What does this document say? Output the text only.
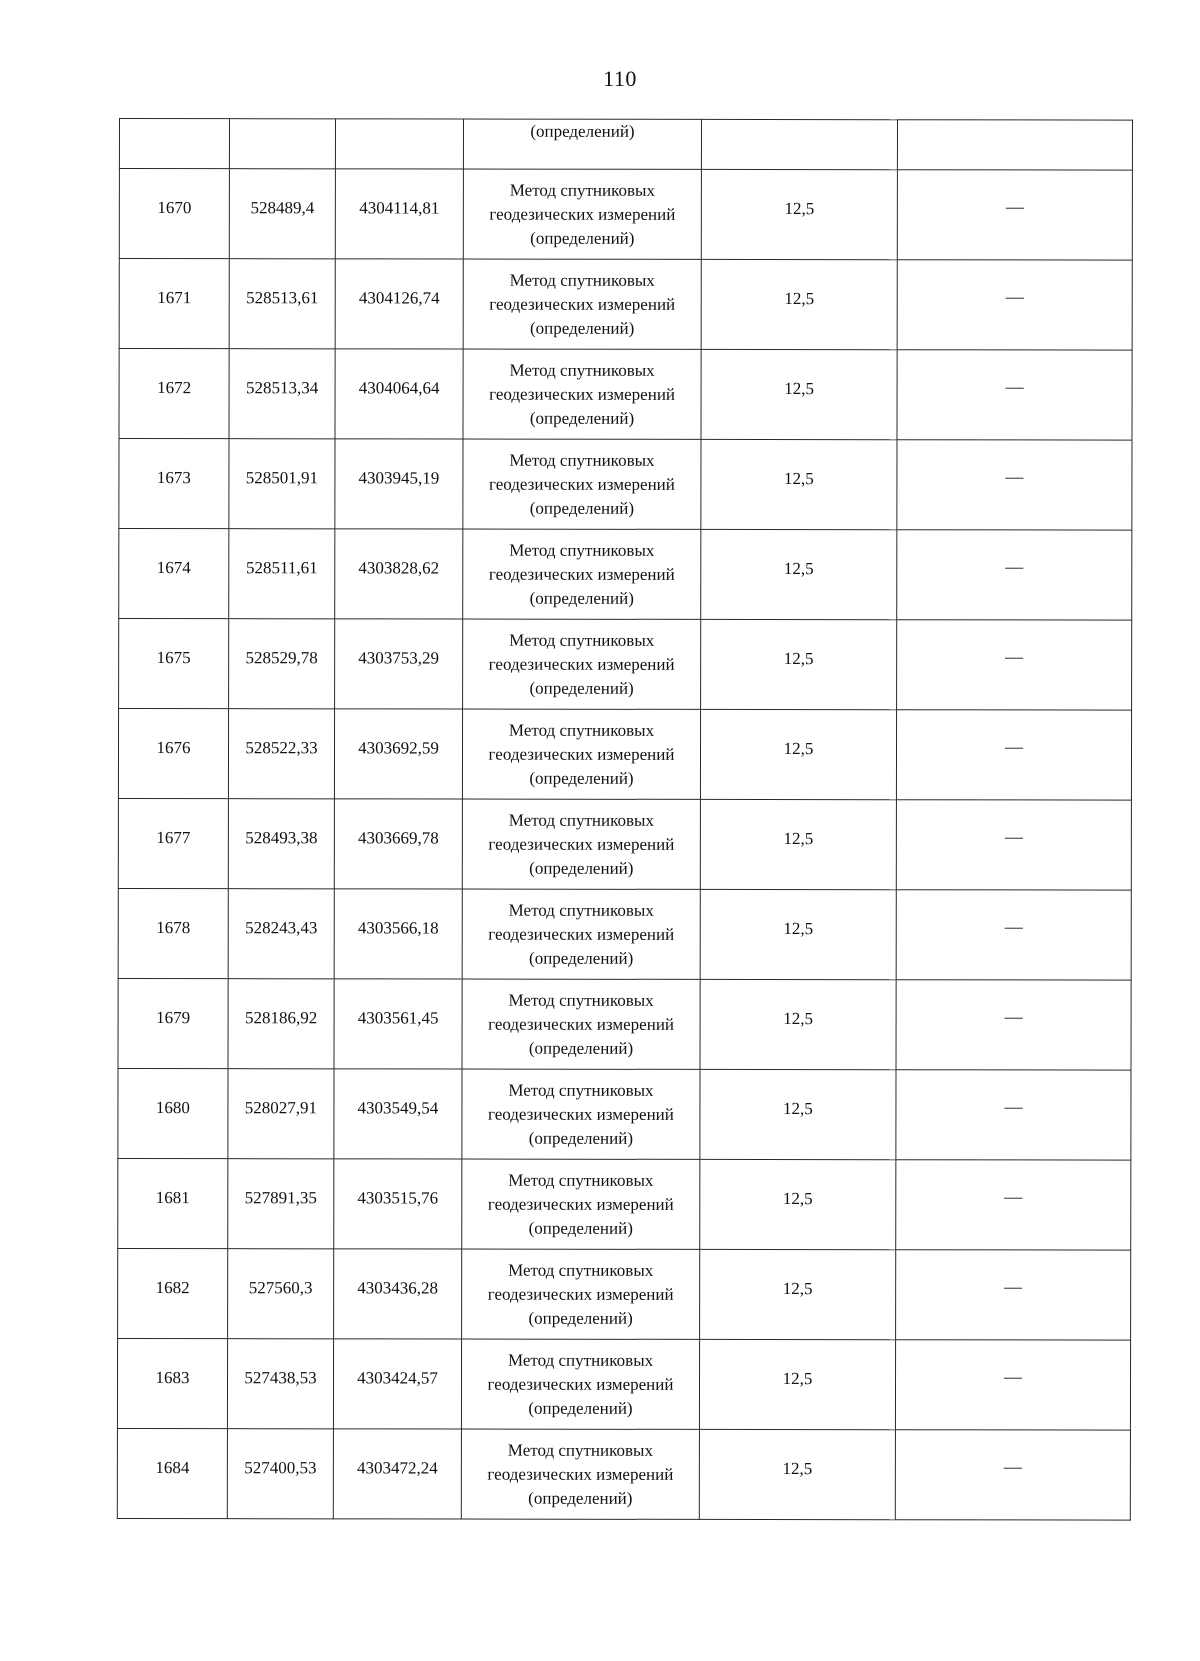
110
			(определений)		
1670	528489,4	4304114,81	Метод спутниковых геодезических измерений (определений)	12,5	—
1671	528513,61	4304126,74	Метод спутниковых геодезических измерений (определений)	12,5	—
1672	528513,34	4304064,64	Метод спутниковых геодезических измерений (определений)	12,5	—
1673	528501,91	4303945,19	Метод спутниковых геодезических измерений (определений)	12,5	—
1674	528511,61	4303828,62	Метод спутниковых геодезических измерений (определений)	12,5	—
1675	528529,78	4303753,29	Метод спутниковых геодезических измерений (определений)	12,5	—
1676	528522,33	4303692,59	Метод спутниковых геодезических измерений (определений)	12,5	—
1677	528493,38	4303669,78	Метод спутниковых геодезических измерений (определений)	12,5	—
1678	528243,43	4303566,18	Метод спутниковых геодезических измерений (определений)	12,5	—
1679	528186,92	4303561,45	Метод спутниковых геодезических измерений (определений)	12,5	—
1680	528027,91	4303549,54	Метод спутниковых геодезических измерений (определений)	12,5	—
1681	527891,35	4303515,76	Метод спутниковых геодезических измерений (определений)	12,5	—
1682	527560,3	4303436,28	Метод спутниковых геодезических измерений (определений)	12,5	—
1683	527438,53	4303424,57	Метод спутниковых геодезических измерений (определений)	12,5	—
1684	527400,53	4303472,24	Метод спутниковых геодезических измерений (определений)	12,5	—
